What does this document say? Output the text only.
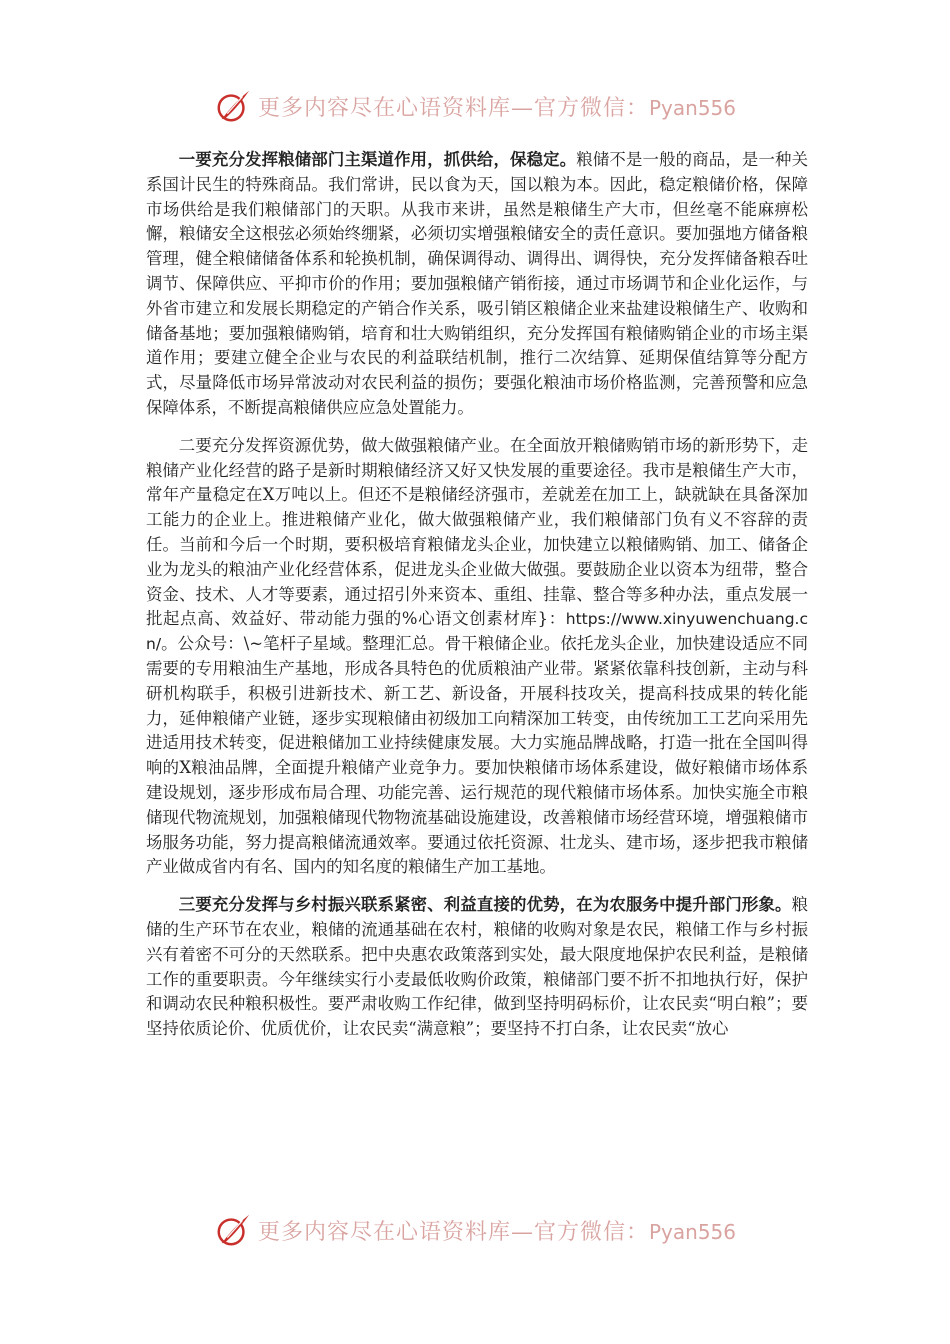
更多内容尽在心语资料库—官方微信：Pyan556

一要充分发挥粮储部门主渠道作用，抓供给，保稳定。粮储不是一般的商品，是一种关系国计民生的特殊商品。我们常讲，民以食为天，国以粮为本。因此，稳定粮储价格，保障市场供给是我们粮储部门的天职。从我市来讲，虽然是粮储生产大市，但丝毫不能麻痹松懈，粮储安全这根弦必须始终绷紧，必须切实增强粮储安全的责任意识。要加强地方储备粮管理，健全粮储储备体系和轮换机制，确保调得动、调得出、调得快，充分发挥储备粮吞吐调节、保障供应、平抑市价的作用；要加强粮储产销衔接，通过市场调节和企业化运作，与外省市建立和发展长期稳定的产销合作关系，吸引销区粮储企业来盐建设粮储生产、收购和储备基地；要加强粮储购销，培育和壮大购销组织，充分发挥国有粮储购销企业的市场主渠道作用；要建立健全企业与农民的利益联结机制，推行二次结算、延期保值结算等分配方式，尽量降低市场异常波动对农民利益的损伤；要强化粮油市场价格监测，完善预警和应急保障体系，不断提高粮储供应应急处置能力。

二要充分发挥资源优势，做大做强粮储产业。在全面放开粮储购销市场的新形势下，走粮储产业化经营的路子是新时期粮储经济又好又快发展的重要途径。我市是粮储生产大市，常年产量稳定在X万吨以上。但还不是粮储经济强市，差就差在加工上，缺就缺在具备深加工能力的企业上。推进粮储产业化，做大做强粮储产业，我们粮储部门负有义不容辞的责任。当前和今后一个时期，要积极培育粮储龙头企业，加快建立以粮储购销、加工、储备企业为龙头的粮油产业化经营体系，促进龙头企业做大做强。要鼓励企业以资本为纽带，整合资金、技术、人才等要素，通过招引外来资本、重组、挂靠、整合等多种办法，重点发展一批起点高、效益好、带动能力强的%心语文创素材库}：https://www.xinyuwenchuang.cn/。公众号：\~笔杆子星域。整理汇总。骨干粮储企业。依托龙头企业，加快建设适应不同需要的专用粮油生产基地，形成各具特色的优质粮油产业带。紧紧依靠科技创新，主动与科研机构联手，积极引进新技术、新工艺、新设备，开展科技攻关，提高科技成果的转化能力，延伸粮储产业链，逐步实现粮储由初级加工向精深加工转变，由传统加工工艺向采用先进适用技术转变，促进粮储加工业持续健康发展。大力实施品牌战略，打造一批在全国叫得响的X粮油品牌，全面提升粮储产业竞争力。要加快粮储市场体系建设，做好粮储市场体系建设规划，逐步形成布局合理、功能完善、运行规范的现代粮储市场体系。加快实施全市粮储现代物流规划，加强粮储现代物物流基础设施建设，改善粮储市场经营环境，增强粮储市场服务功能，努力提高粮储流通效率。要通过依托资源、壮龙头、建市场，逐步把我市粮储产业做成省内有名、国内的知名度的粮储生产加工基地。

三要充分发挥与乡村振兴联系紧密、利益直接的优势，在为农服务中提升部门形象。粮储的生产环节在农业，粮储的流通基础在农村，粮储的收购对象是农民，粮储工作与乡村振兴有着密不可分的天然联系。把中央惠农政策落到实处，最大限度地保护农民利益，是粮储工作的重要职责。今年继续实行小麦最低收购价政策，粮储部门要不折不扣地执行好，保护和调动农民种粮积极性。要严肃收购工作纪律，做到坚持明码标价，让农民卖“明白粮”；要坚持依质论价、优质优价，让农民卖“满意粮”；要坚持不打白条，让农民卖“放心

更多内容尽在心语资料库—官方微信：Pyan556
